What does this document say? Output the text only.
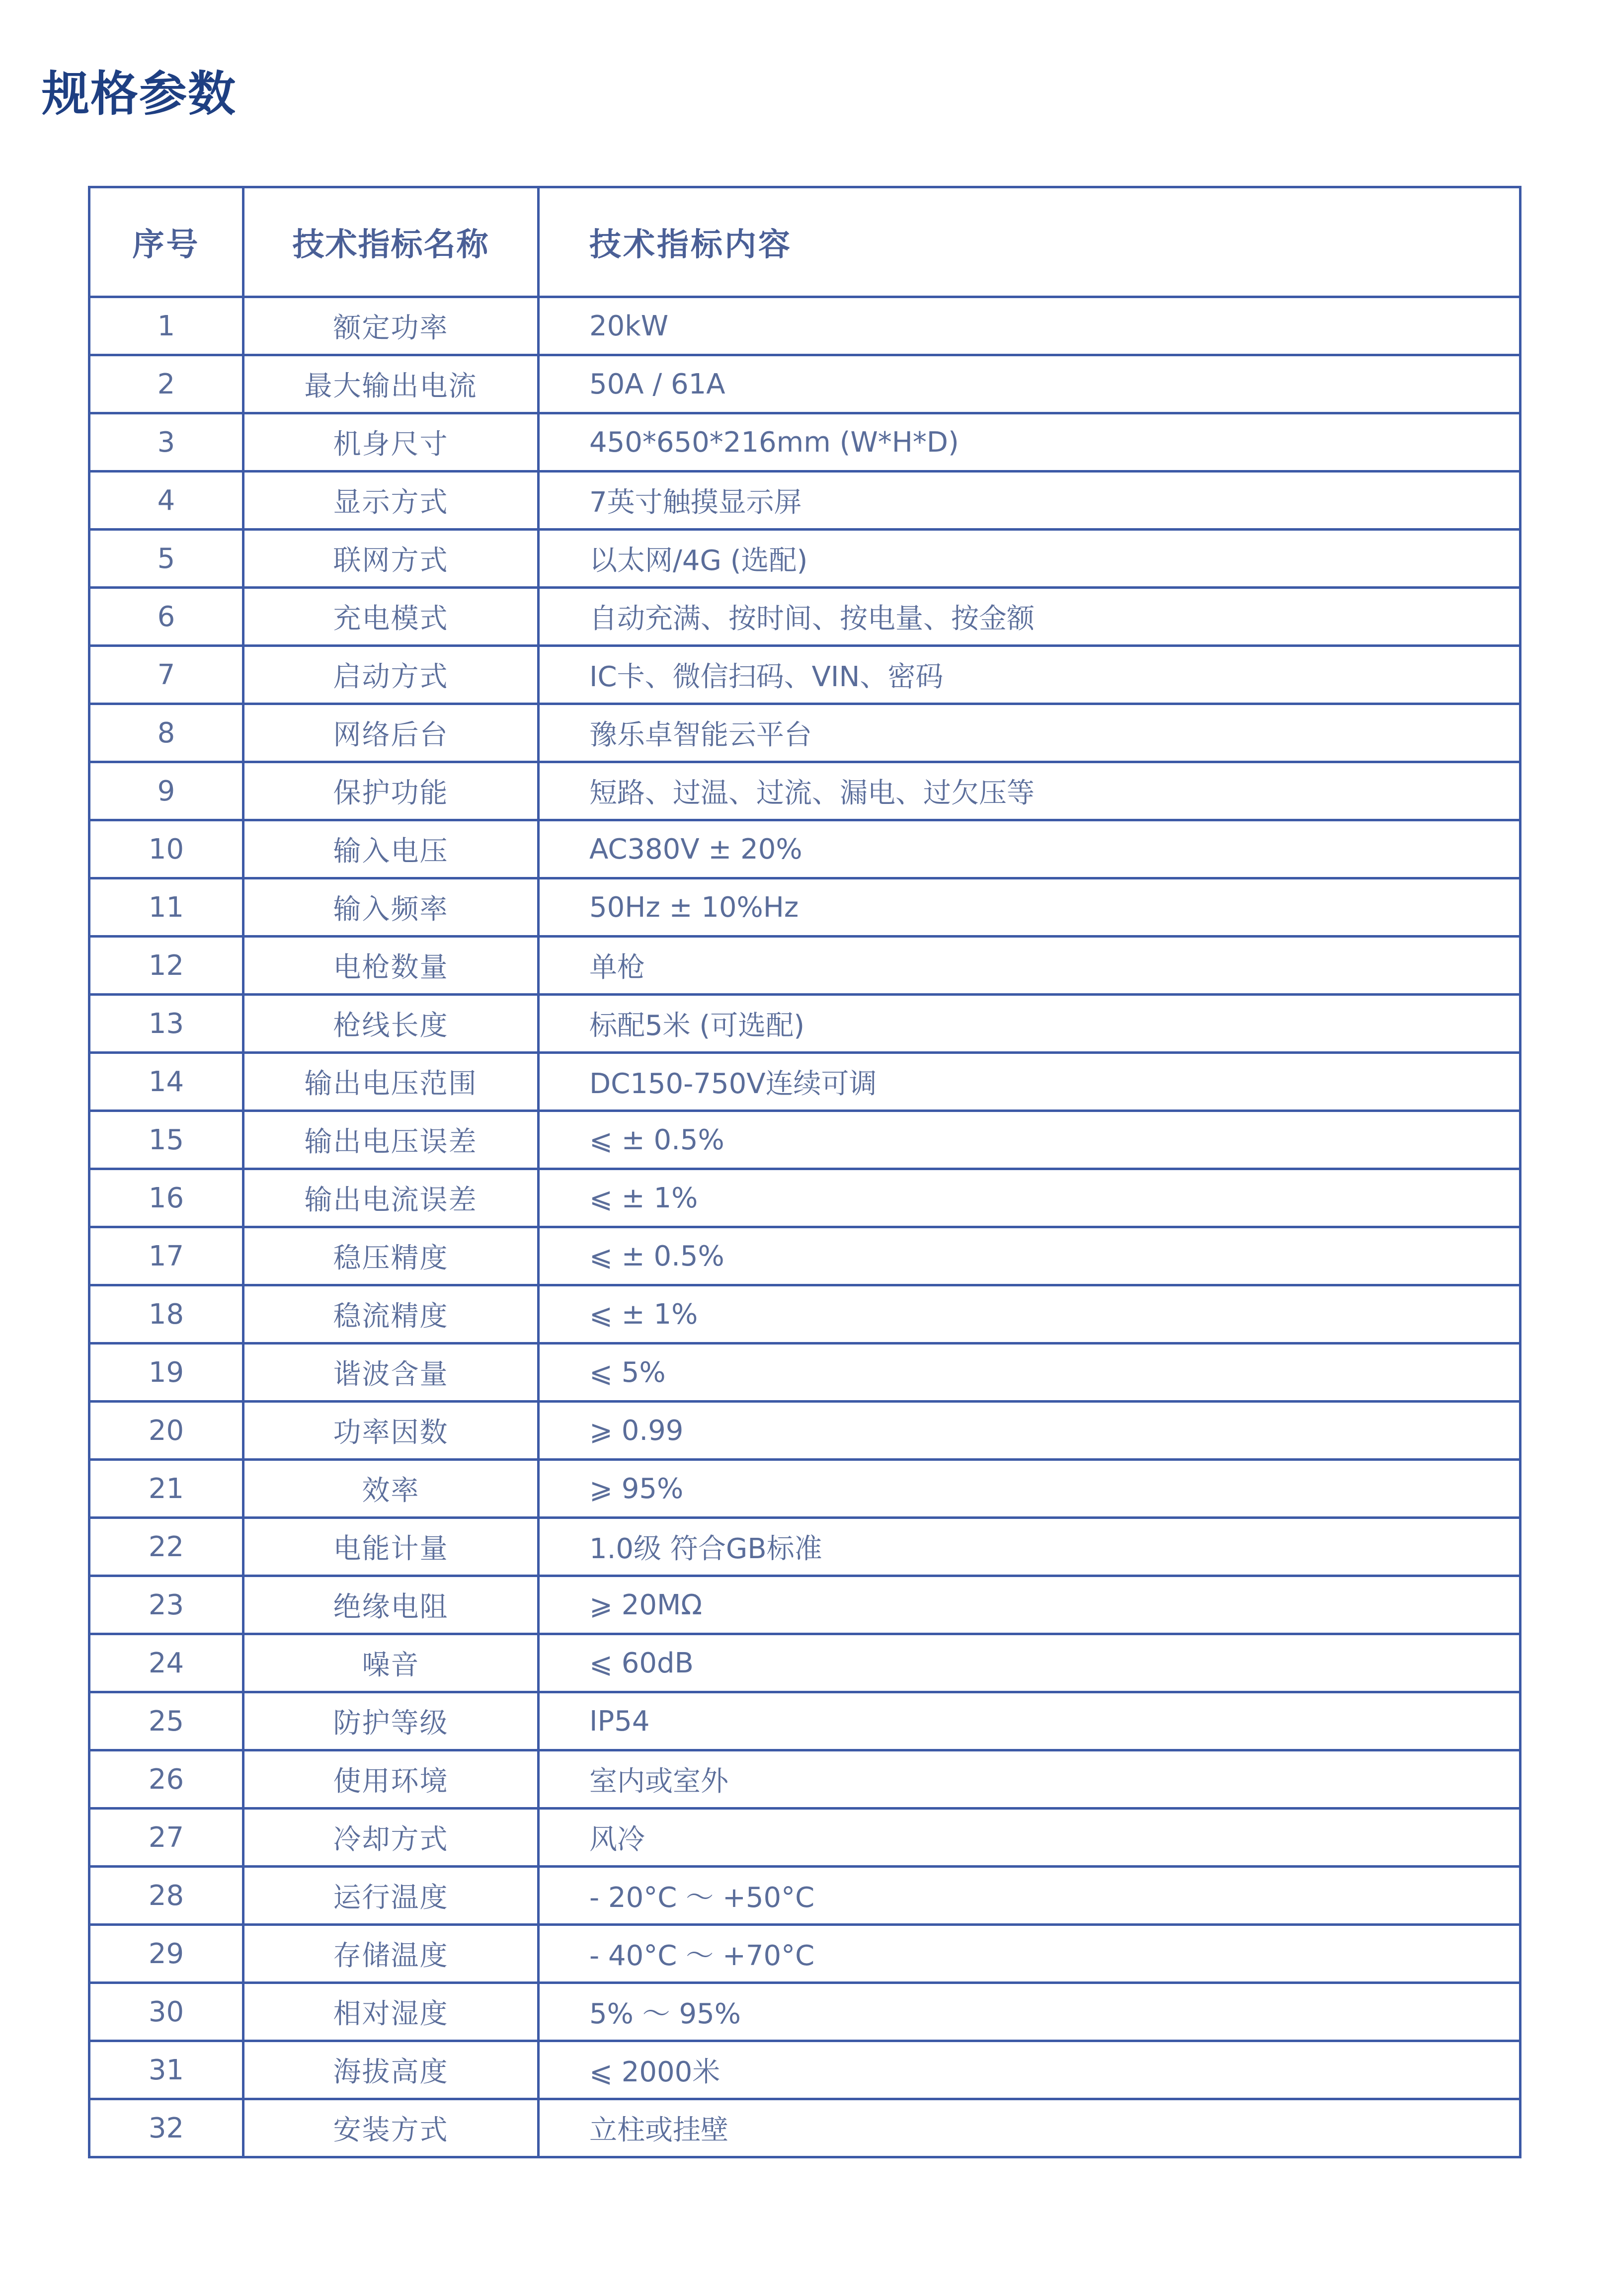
规格参数
序号	技术指标名称	技术指标内容
1	额定功率	20kW
2	最大输出电流	50A / 61A
3	机身尺寸	450*650*216mm (W*H*D)
4	显示方式	7英寸触摸显示屏
5	联网方式	以太网/4G (选配)
6	充电模式	自动充满、按时间、按电量、按金额
7	启动方式	IC卡、微信扫码、VIN、密码
8	网络后台	豫乐卓智能云平台
9	保护功能	短路、过温、过流、漏电、过欠压等
10	输入电压	AC380V ± 20%
11	输入频率	50Hz ± 10%Hz
12	电枪数量	单枪
13	枪线长度	标配5米 (可选配)
14	输出电压范围	DC150-750V连续可调
15	输出电压误差	⩽ ± 0.5%
16	输出电流误差	⩽ ± 1%
17	稳压精度	⩽ ± 0.5%
18	稳流精度	⩽ ± 1%
19	谐波含量	⩽ 5%
20	功率因数	⩾ 0.99
21	效率	⩾ 95%
22	电能计量	1.0级 符合GB标准
23	绝缘电阻	⩾ 20MΩ
24	噪音	⩽ 60dB
25	防护等级	IP54
26	使用环境	室内或室外
27	冷却方式	风冷
28	运行温度	- 20°C ～ +50°C
29	存储温度	- 40°C ～ +70°C
30	相对湿度	5% ～ 95%
31	海拔高度	⩽ 2000米
32	安装方式	立柱或挂壁
